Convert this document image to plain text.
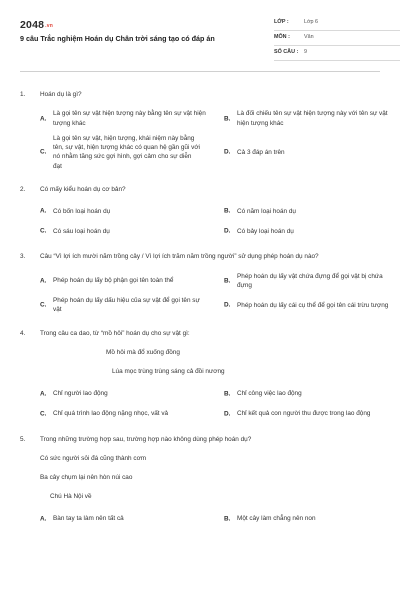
2048.vn
9 câu Trắc nghiệm Hoán dụ Chân trời sáng tạo có đáp án
LỚP :	Lớp 6
MÔN :	Văn
SỐ CÂU : 9
1.	Hoán dụ là gì?
A.
Là gọi tên sự vật hiện tượng này bằng tên sự vật hiện tượng khác
B.
Là đối chiếu tên sự vật hiện tượng này với tên sự vật hiện tượng khác
C.
Là gọi tên sự vật, hiện tượng, khái niệm này bằng tên, sự vật, hiện tượng khác có quan hệ gần gũi với nó nhằm tăng sức gợi hình, gợi cảm cho sự diễn đạt
D. Cả 3 đáp án trên
2.	Có mấy kiểu hoán dụ cơ bản?
A. Có bốn loại hoán dụ	B. Có năm loại hoán dụ
C. Có sáu loại hoán dụ	D. Có bảy loại hoán dụ
3.	Câu “Vì lợi ích mười năm trồng cây / Vì lợi ích trăm năm trồng người” sử dụng phép hoán dụ nào?
A. Phép hoán dụ lấy bộ phận gọi tên toàn thể	B.
Phép hoán dụ lấy vật chứa đựng để gọi vật bị chứa đựng
C.
Phép hoán dụ lấy dấu hiệu của sự vật để gọi tên sự vật
D. Phép hoán dụ lấy cái cụ thể để gọi tên cái trừu tượng
4.	Trong câu ca dao, từ “mồ hôi” hoán dụ cho sự vật gì:
Mồ hôi mà đổ xuống đồng
Lúa mọc trùng trùng sáng cả đồi nương
A. Chỉ người lao động	B. Chỉ công việc lao động
C. Chỉ quá trình lao động nặng nhọc, vất vả	D. Chỉ kết quả con người thu được trong lao động
5.	Trong những trường hợp sau, trường hợp nào không dùng phép hoán dụ?
Có sức người sỏi đá cũng thành cơm
Ba cây chụm lại nên hòn núi cao
Chú Hà Nội về
A. Bàn tay ta làm nên tất cả	B. Một cây làm chẳng nên non
